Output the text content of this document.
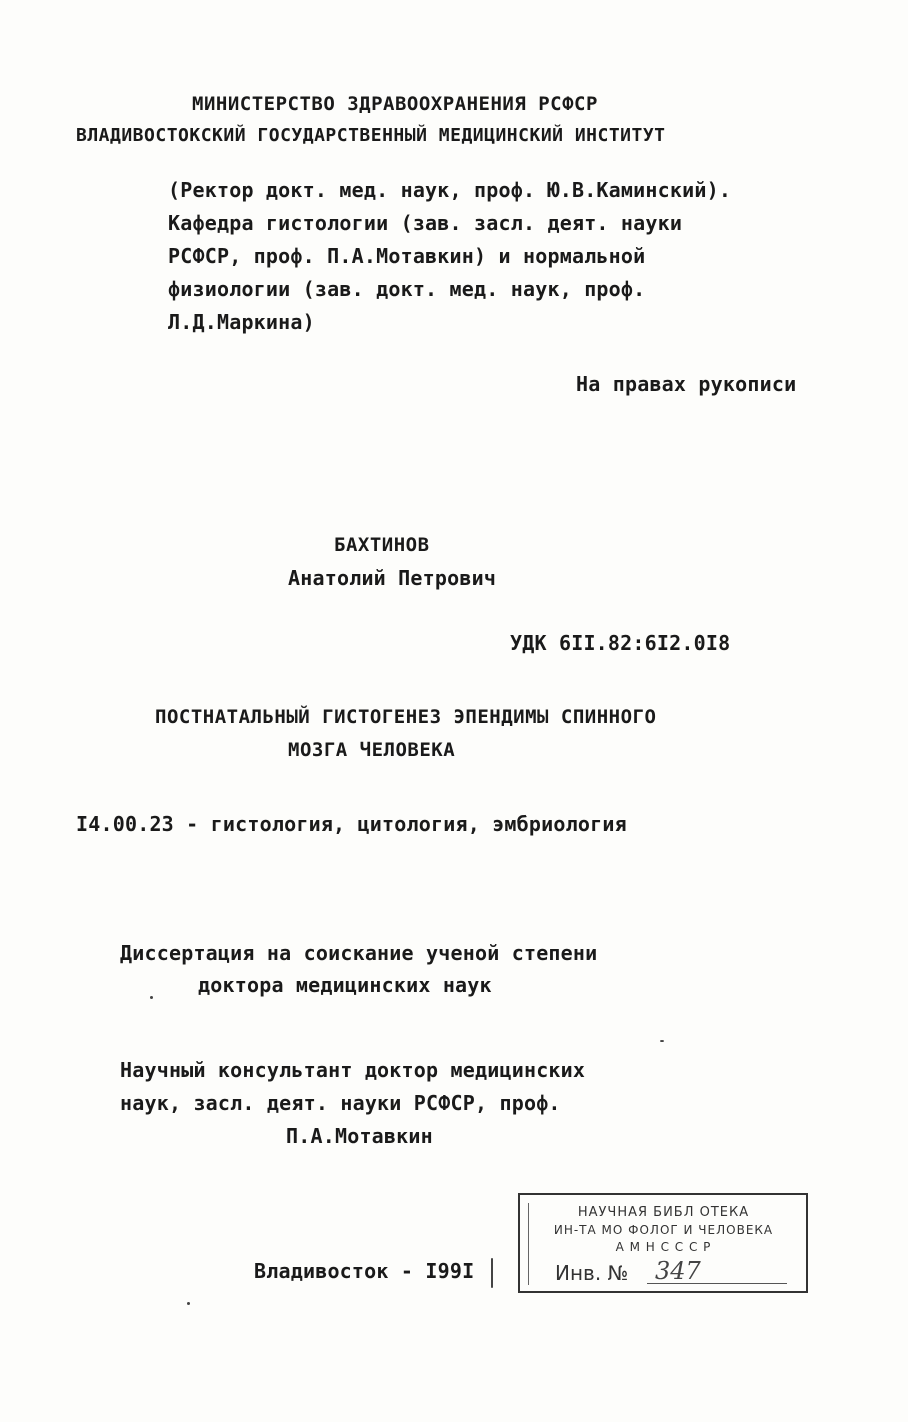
МИНИСТЕРСТВО ЗДРАВООХРАНЕНИЯ РСФСР
ВЛАДИВОСТОКСКИЙ ГОСУДАРСТВЕННЫЙ МЕДИЦИНСКИЙ ИНСТИТУТ
(Ректор докт. мед. наук, проф. Ю.В.Каминский).
Кафедра гистологии (зав. засл. деят. науки
РСФСР, проф. П.А.Мотавкин) и нормальной
физиологии (зав. докт. мед. наук, проф.
Л.Д.Маркина)
На правах рукописи
БАХТИНОВ
Анатолий Петрович
УДК 6II.82:6I2.0I8
ПОСТНАТАЛЬНЫЙ ГИСТОГЕНЕЗ ЭПЕНДИМЫ СПИННОГО
МОЗГА ЧЕЛОВЕКА
I4.00.23 - гистология, цитология, эмбриология
Диссертация на соискание ученой степени
доктора медицинских наук
Научный консультант доктор медицинских
наук, засл. деят. науки РСФСР, проф.
П.А.Мотавкин
Владивосток - I99I
НАУЧНАЯ БИБЛ ОТЕКА
ИН-ТА МО ФОЛОГ И ЧЕЛОВЕКА
А М Н С С С Р
Инв. № 347
